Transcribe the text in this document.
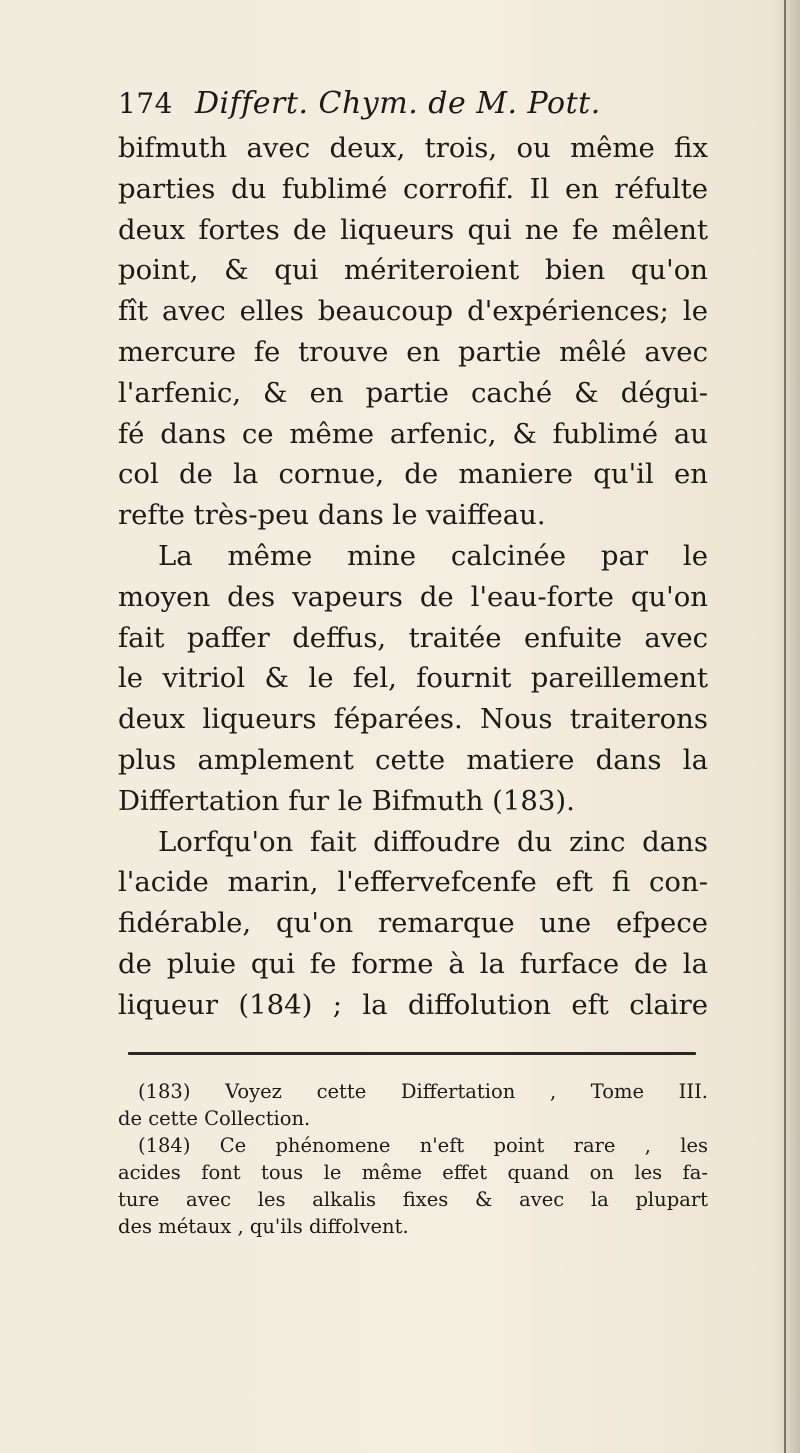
174 Differt. Chym. de M. Pott.
bifmuth avec deux, trois, ou même fix
parties du fublimé corrofif. Il en réfulte
deux fortes de liqueurs qui ne fe mêlent
point, & qui mériteroient bien qu'on
fît avec elles beaucoup d'expériences; le
mercure fe trouve en partie mêlé avec
l'arfenic, & en partie caché & dégui-
fé dans ce même arfenic, & fublimé au
col de la cornue, de maniere qu'il en
refte très-peu dans le vaiffeau.
La même mine calcinée par le
moyen des vapeurs de l'eau-forte qu'on
fait paffer deffus, traitée enfuite avec
le vitriol & le fel, fournit pareillement
deux liqueurs féparées. Nous traiterons
plus amplement cette matiere dans la
Differtation fur le Bifmuth (183).
Lorfqu'on fait diffoudre du zinc dans
l'acide marin, l'effervefcenfe eft fi con-
fidérable, qu'on remarque une efpece
de pluie qui fe forme à la furface de la
liqueur (184) ; la diffolution eft claire
(183) Voyez cette Differtation , Tome III.
de cette Collection.
(184) Ce phénomene n'eft point rare , les
acides font tous le même effet quand on les fa-
ture avec les alkalis fixes & avec la plupart
des métaux , qu'ils diffolvent.
